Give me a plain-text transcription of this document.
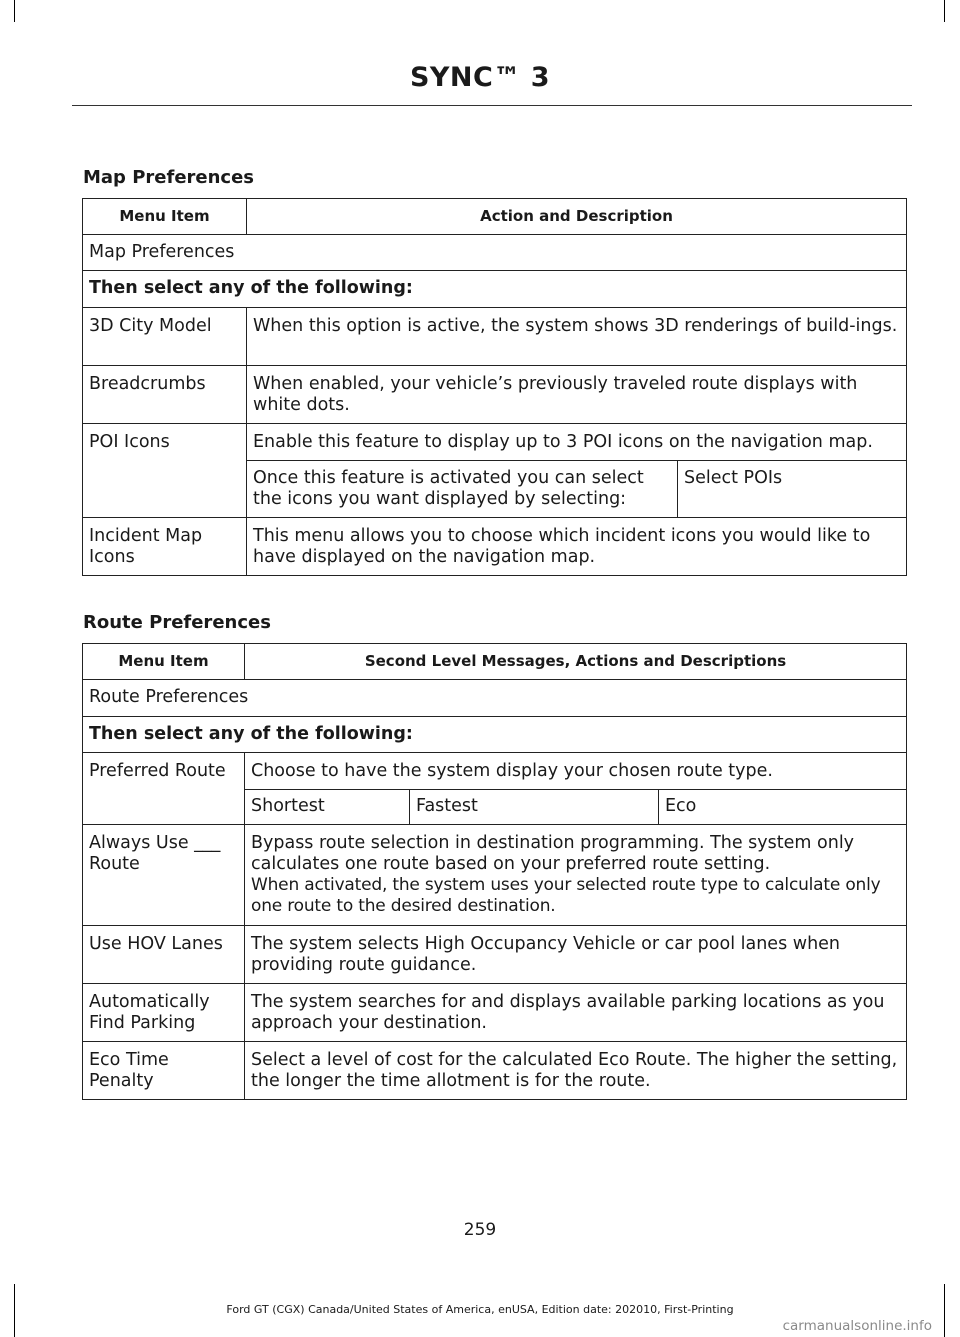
SYNC™ 3
Map Preferences
Menu Item	Action and Description	
Map Preferences		
Then select any of the following:		
3D City Model	When this option is active, the system shows 3D renderings of build-ings.	
Breadcrumbs	When enabled, your vehicle’s previously traveled route displays with white dots.	
POI Icons	Enable this feature to display up to 3 POI icons on the navigation map.	
	Once this feature is activated you can select the icons you want displayed by selecting:	Select POIs
Incident Map Icons	This menu allows you to choose which incident icons you would like to have displayed on the navigation map.	
Route Preferences
Menu Item	Second Level Messages, Actions and Descriptions		
Route Preferences			
Then select any of the following:			
Preferred Route	Choose to have the system display your chosen route type.		
	Shortest	Fastest	Eco
Always Use ___ Route	Bypass route selection in destination programming. The system only calculates one route based on your preferred route setting.
When activated, the system uses your selected route type to calculate only one route to the desired destination.		

Use HOV Lanes	The system selects High Occupancy Vehicle or car pool lanes when providing route guidance.		
Automatically Find Parking	The system searches for and displays available parking locations as you approach your destination.		
Eco Time Penalty	Select a level of cost for the calculated Eco Route. The higher the setting, the longer the time allotment is for the route.		
259
Ford GT (CGX) Canada/United States of America, enUSA, Edition date: 202010, First-Printing
carmanualsonline.info
